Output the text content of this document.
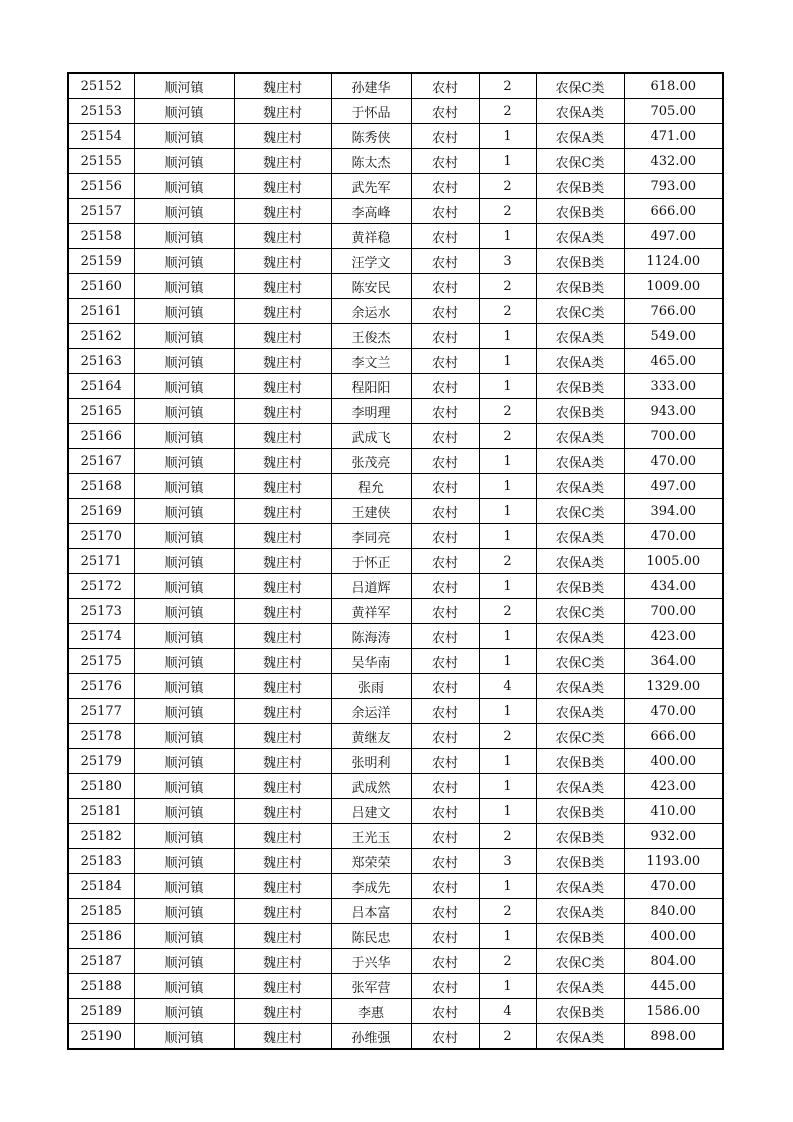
25152	顺河镇	魏庄村	孙建华	农村	2	农保C类	618.00
25153	顺河镇	魏庄村	于怀品	农村	2	农保A类	705.00
25154	顺河镇	魏庄村	陈秀侠	农村	1	农保A类	471.00
25155	顺河镇	魏庄村	陈太杰	农村	1	农保C类	432.00
25156	顺河镇	魏庄村	武先军	农村	2	农保B类	793.00
25157	顺河镇	魏庄村	李高峰	农村	2	农保B类	666.00
25158	顺河镇	魏庄村	黄祥稳	农村	1	农保A类	497.00
25159	顺河镇	魏庄村	汪学文	农村	3	农保B类	1124.00
25160	顺河镇	魏庄村	陈安民	农村	2	农保B类	1009.00
25161	顺河镇	魏庄村	余运水	农村	2	农保C类	766.00
25162	顺河镇	魏庄村	王俊杰	农村	1	农保A类	549.00
25163	顺河镇	魏庄村	李文兰	农村	1	农保A类	465.00
25164	顺河镇	魏庄村	程阳阳	农村	1	农保B类	333.00
25165	顺河镇	魏庄村	李明理	农村	2	农保B类	943.00
25166	顺河镇	魏庄村	武成飞	农村	2	农保A类	700.00
25167	顺河镇	魏庄村	张茂亮	农村	1	农保A类	470.00
25168	顺河镇	魏庄村	程允	农村	1	农保A类	497.00
25169	顺河镇	魏庄村	王建侠	农村	1	农保C类	394.00
25170	顺河镇	魏庄村	李同亮	农村	1	农保A类	470.00
25171	顺河镇	魏庄村	于怀正	农村	2	农保A类	1005.00
25172	顺河镇	魏庄村	吕道辉	农村	1	农保B类	434.00
25173	顺河镇	魏庄村	黄祥军	农村	2	农保C类	700.00
25174	顺河镇	魏庄村	陈海涛	农村	1	农保A类	423.00
25175	顺河镇	魏庄村	吴华南	农村	1	农保C类	364.00
25176	顺河镇	魏庄村	张雨	农村	4	农保A类	1329.00
25177	顺河镇	魏庄村	余运洋	农村	1	农保A类	470.00
25178	顺河镇	魏庄村	黄继友	农村	2	农保C类	666.00
25179	顺河镇	魏庄村	张明利	农村	1	农保B类	400.00
25180	顺河镇	魏庄村	武成然	农村	1	农保A类	423.00
25181	顺河镇	魏庄村	吕建文	农村	1	农保B类	410.00
25182	顺河镇	魏庄村	王光玉	农村	2	农保B类	932.00
25183	顺河镇	魏庄村	郑荣荣	农村	3	农保B类	1193.00
25184	顺河镇	魏庄村	李成先	农村	1	农保A类	470.00
25185	顺河镇	魏庄村	吕本富	农村	2	农保A类	840.00
25186	顺河镇	魏庄村	陈民忠	农村	1	农保B类	400.00
25187	顺河镇	魏庄村	于兴华	农村	2	农保C类	804.00
25188	顺河镇	魏庄村	张军营	农村	1	农保A类	445.00
25189	顺河镇	魏庄村	李惠	农村	4	农保B类	1586.00
25190	顺河镇	魏庄村	孙维强	农村	2	农保A类	898.00
